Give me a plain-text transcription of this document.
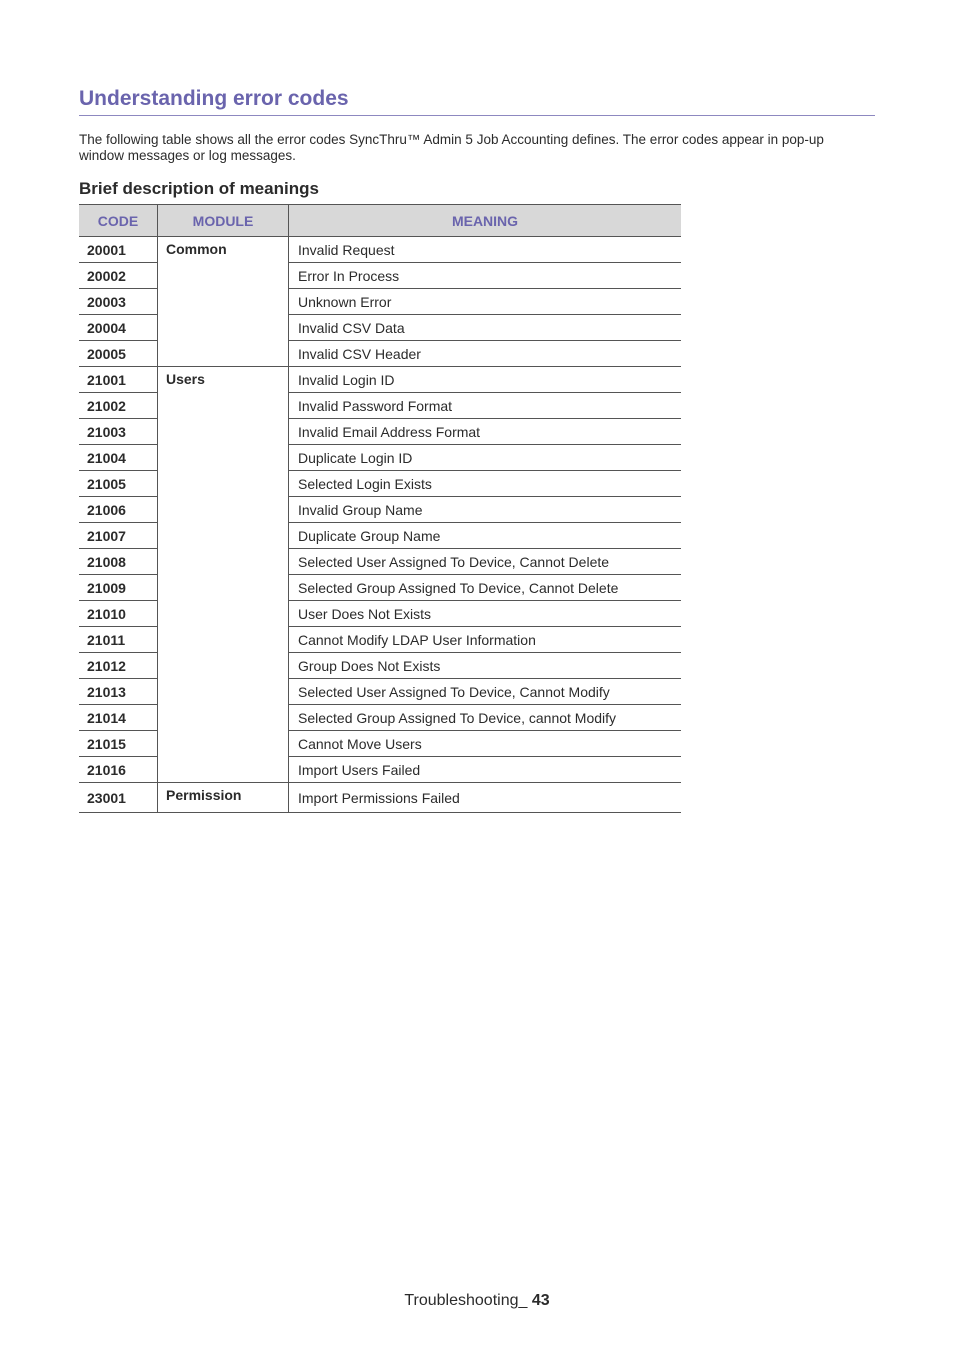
Understanding error codes

The following table shows all the error codes SyncThru™ Admin 5 Job Accounting defines. The error codes appear in pop-up window messages or log messages.

Brief description of meanings
CODE	MODULE	MEANING
20001	Common	Invalid Request
20002		Error In Process
20003		Unknown Error
20004		Invalid CSV Data
20005		Invalid CSV Header
21001	Users	Invalid Login ID
21002		Invalid Password Format
21003		Invalid Email Address Format
21004		Duplicate Login ID
21005		Selected Login Exists
21006		Invalid Group Name
21007		Duplicate Group Name
21008		Selected User Assigned To Device, Cannot Delete
21009		Selected Group Assigned To Device, Cannot Delete
21010		User Does Not Exists
21011		Cannot Modify LDAP User Information
21012		Group Does Not Exists
21013		Selected User Assigned To Device, Cannot Modify
21014		Selected Group Assigned To Device, cannot Modify
21015		Cannot Move Users
21016		Import Users Failed
23001	Permission	Import Permissions Failed
Troubleshooting_ 43
